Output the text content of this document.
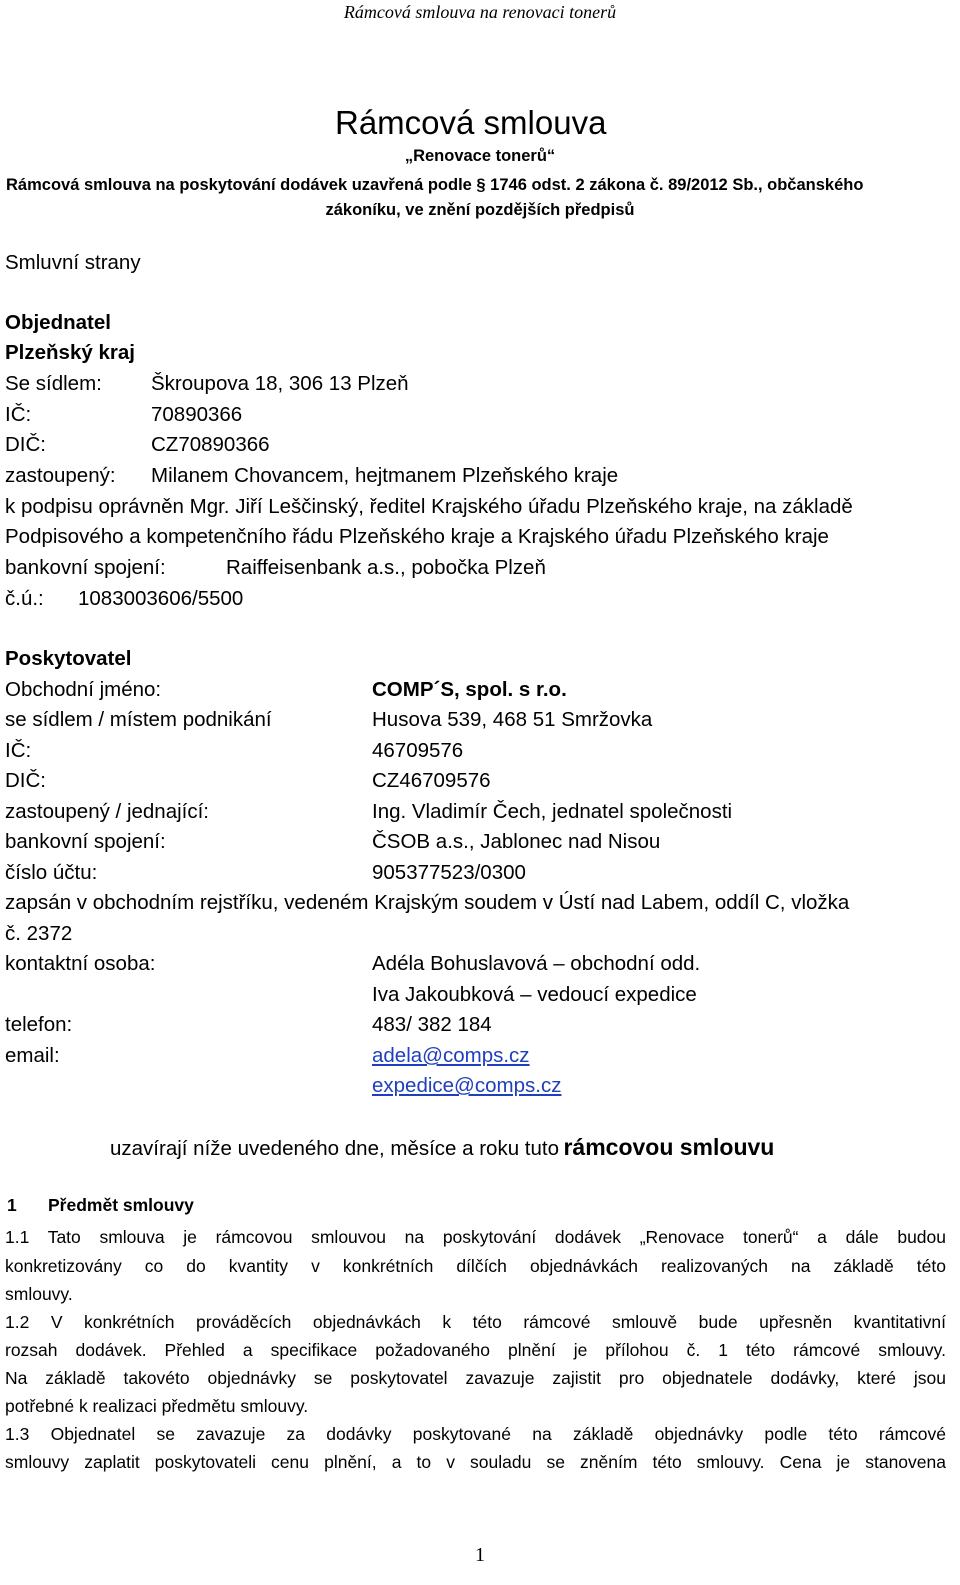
Rámcová smlouva na renovaci tonerů
Rámcová smlouva
„Renovace tonerů“
Rámcová smlouva na poskytování dodávek uzavřená podle § 1746 odst. 2 zákona č. 89/2012 Sb., občanského
zákoníku, ve znění pozdějších předpisů
Smluvní strany
Objednatel
Plzeňský kraj
Se sídlem: Škroupova 18, 306 13 Plzeň
IČ:	70890366
DIČ:	CZ70890366
zastoupený: Milanem Chovancem, hejtmanem Plzeňského kraje
k podpisu oprávněn Mgr. Jiří Leščinský, ředitel Krajského úřadu Plzeňského kraje, na základě
Podpisového a kompetenčního řádu Plzeňského kraje a Krajského úřadu Plzeňského kraje
bankovní spojení:	Raiffeisenbank a.s., pobočka Plzeň
č.ú.: 1083003606/5500
Poskytovatel
Obchodní jméno:	COMP´S, spol. s r.o.
se sídlem / místem podnikání	Husova 539, 468 51 Smržovka
IČ:	46709576
DIČ:	CZ46709576
zastoupený / jednající:	Ing. Vladimír Čech, jednatel společnosti
bankovní spojení:	ČSOB a.s., Jablonec nad Nisou
číslo účtu:	905377523/0300
zapsán v obchodním rejstříku, vedeném Krajským soudem v Ústí nad Labem, oddíl C, vložka
č. 2372
kontaktní osoba:	Adéla Bohuslavová – obchodní odd.
Iva Jakoubková – vedoucí expedice
telefon:	483/ 382 184
email:	adela@comps.cz
expedice@comps.cz
uzavírají níže uvedeného dne, měsíce a roku tuto rámcovou smlouvu
1 Předmět smlouvy
1.1 Tato smlouva je rámcovou smlouvou na poskytování dodávek „Renovace tonerů“ a dále budou
konkretizovány co do kvantity v konkrétních dílčích objednávkách realizovaných na základě této
smlouvy.
1.2 V konkrétních prováděcích objednávkách k této rámcové smlouvě bude upřesněn kvantitativní
rozsah dodávek. Přehled a specifikace požadovaného plnění je přílohou č. 1 této rámcové smlouvy.
Na základě takovéto objednávky se poskytovatel zavazuje zajistit pro objednatele dodávky, které jsou
potřebné k realizaci předmětu smlouvy.
1.3 Objednatel se zavazuje za dodávky poskytované na základě objednávky podle této rámcové
smlouvy zaplatit poskytovateli cenu plnění, a to v souladu se zněním této smlouvy. Cena je stanovena
1
